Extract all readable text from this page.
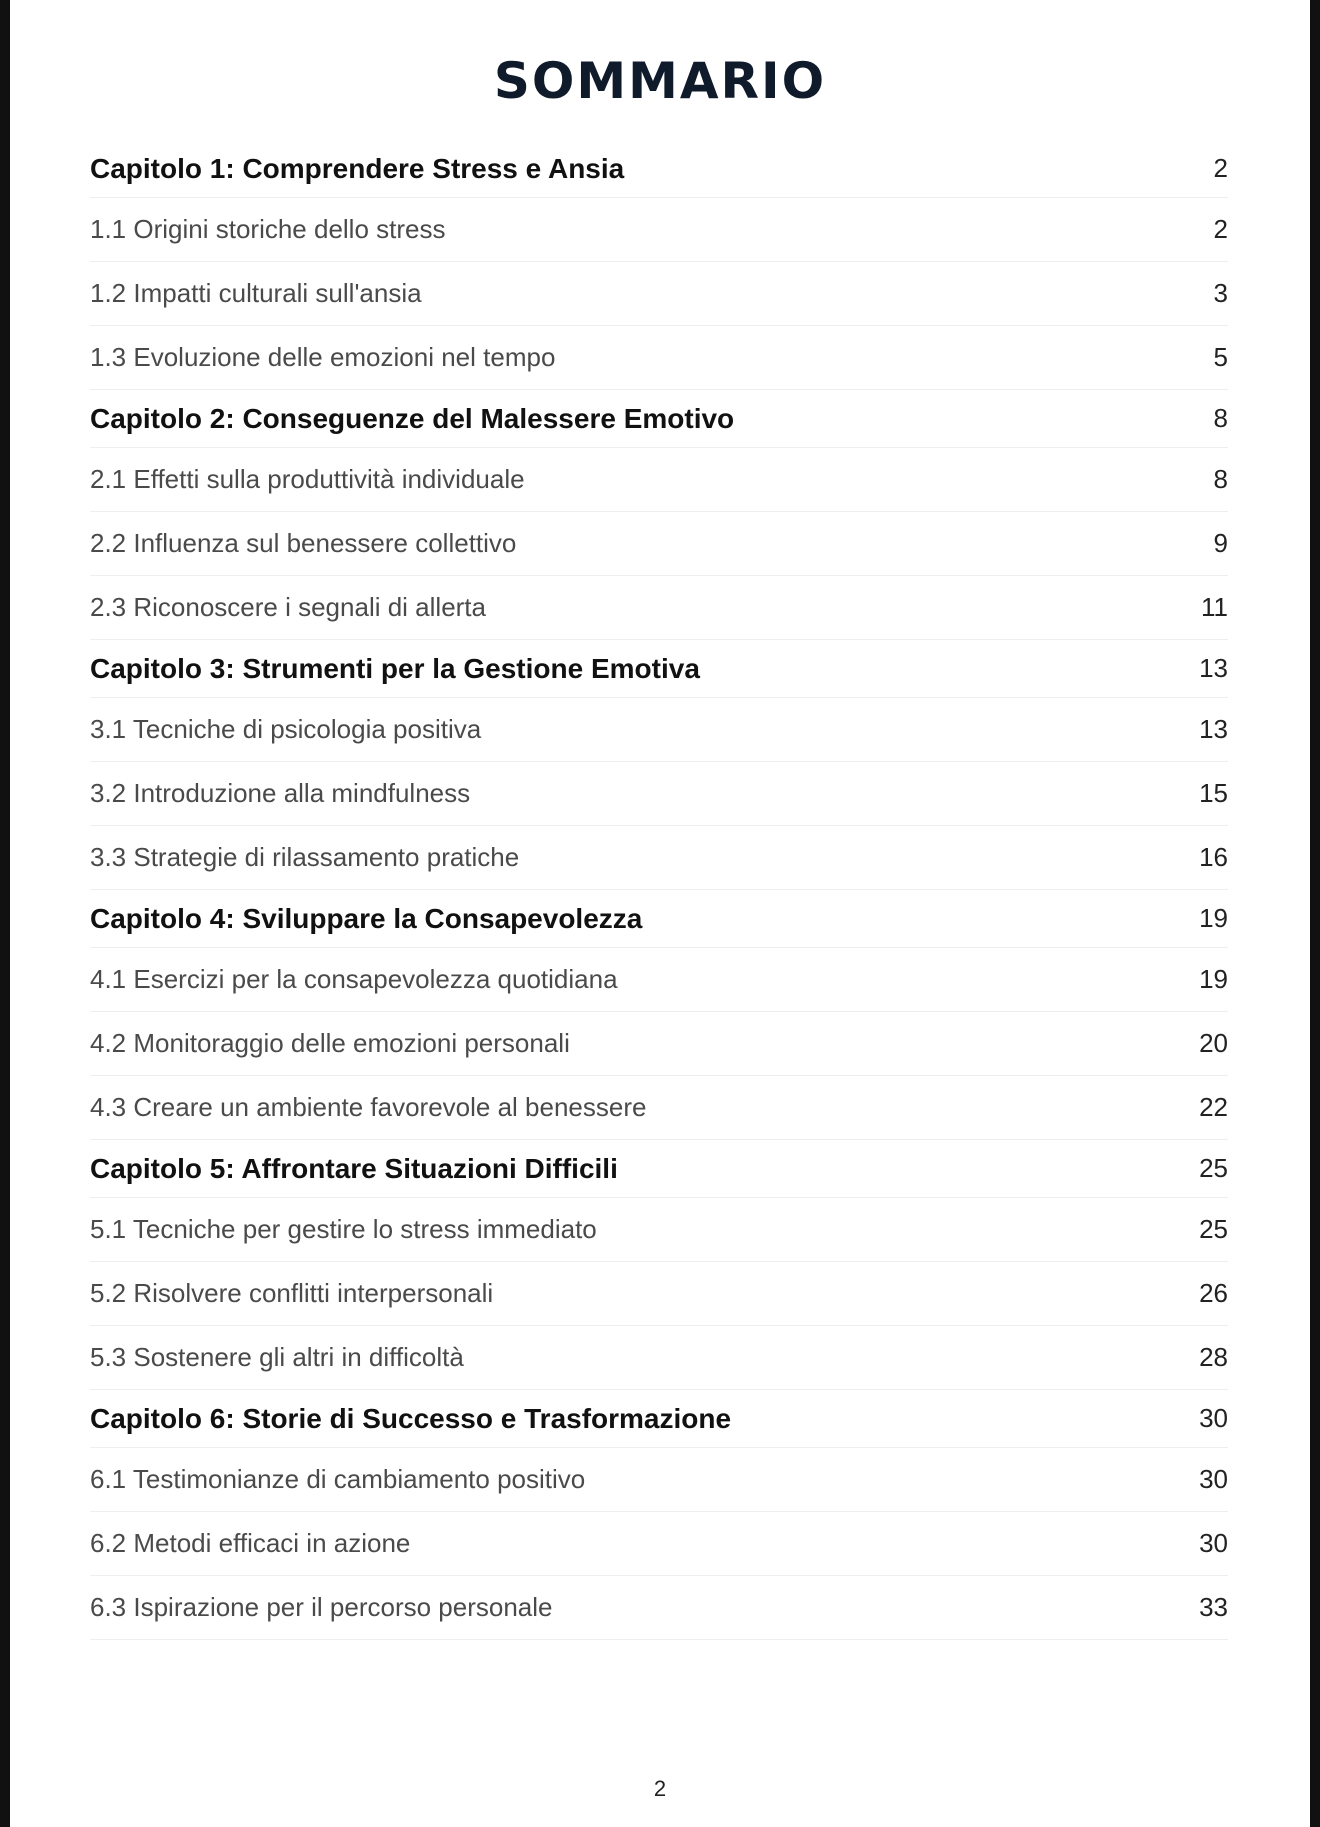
SOMMARIO
Capitolo 1: Comprendere Stress e Ansia	2
1.1 Origini storiche dello stress	2
1.2 Impatti culturali sull'ansia	3
1.3 Evoluzione delle emozioni nel tempo	5
Capitolo 2: Conseguenze del Malessere Emotivo	8
2.1 Effetti sulla produttività individuale	8
2.2 Influenza sul benessere collettivo	9
2.3 Riconoscere i segnali di allerta	11
Capitolo 3: Strumenti per la Gestione Emotiva	13
3.1 Tecniche di psicologia positiva	13
3.2 Introduzione alla mindfulness	15
3.3 Strategie di rilassamento pratiche	16
Capitolo 4: Sviluppare la Consapevolezza	19
4.1 Esercizi per la consapevolezza quotidiana	19
4.2 Monitoraggio delle emozioni personali	20
4.3 Creare un ambiente favorevole al benessere	22
Capitolo 5: Affrontare Situazioni Difficili	25
5.1 Tecniche per gestire lo stress immediato	25
5.2 Risolvere conflitti interpersonali	26
5.3 Sostenere gli altri in difficoltà	28
Capitolo 6: Storie di Successo e Trasformazione	30
6.1 Testimonianze di cambiamento positivo	30
6.2 Metodi efficaci in azione	30
6.3 Ispirazione per il percorso personale	33
2
